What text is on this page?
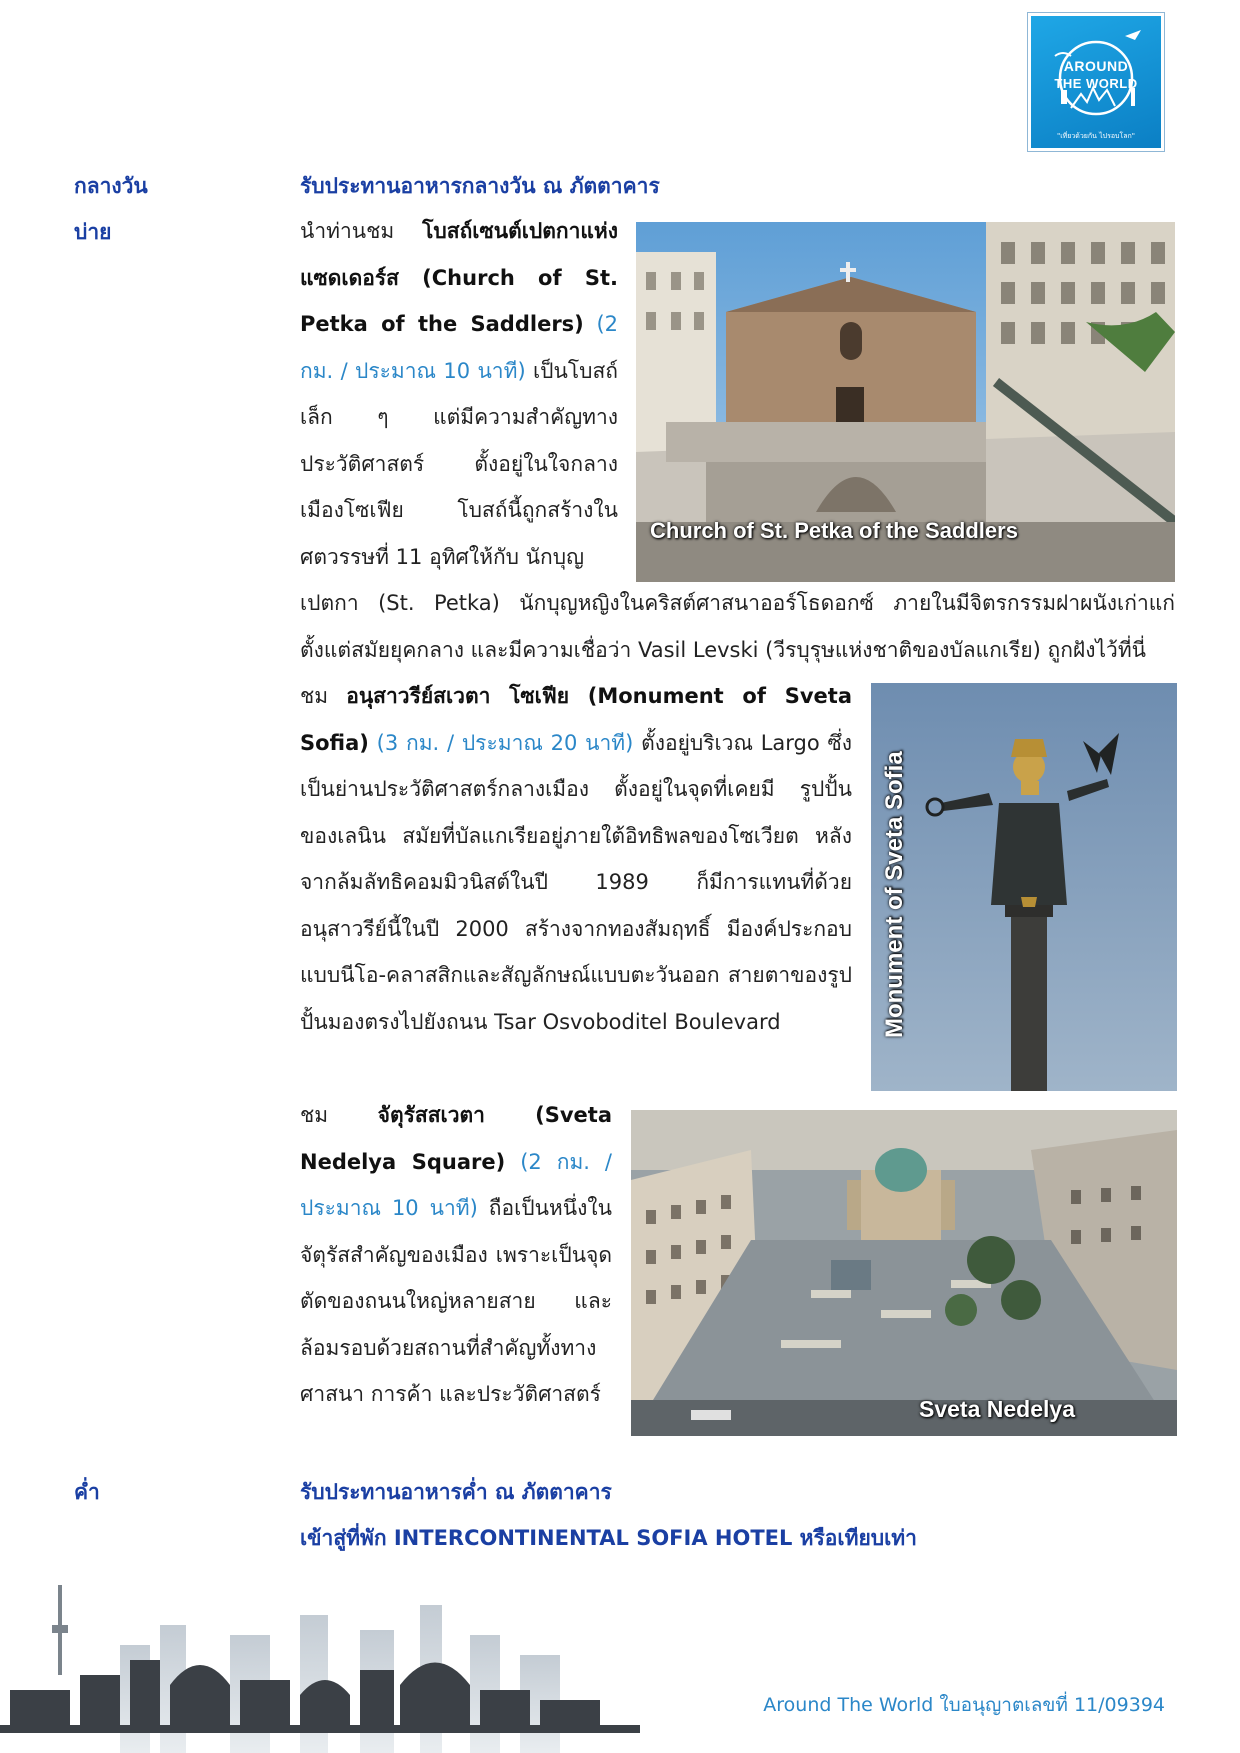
AROUND
THE WORLD
"เที่ยวด้วยกัน ไปรอบโลก"
กลางวัน	รับประทานอาหารกลางวัน ณ ภัตตาคาร
บ่าย	นำท่านชม โบสถ์เซนต์เปตกาแห่งแซดเดอร์ส (Church of St. Petka of the Saddlers) (2 กม. / ประมาณ 10 นาที) เป็นโบสถ์เล็ก ๆ แต่มีความสำคัญทางประวัติศาสตร์ ตั้งอยู่ในใจกลางเมืองโซเฟีย โบสถ์นี้ถูกสร้างในศตวรรษที่ 11 อุทิศให้กับ นักบุญ
เปตกา (St. Petka) นักบุญหญิงในคริสต์ศาสนาออร์โธดอกซ์ ภายในมีจิตรกรรมฝาผนังเก่าแก่ตั้งแต่สมัยยุคกลาง และมีความเชื่อว่า Vasil Levski (วีรบุรุษแห่งชาติของบัลแกเรีย) ถูกฝังไว้ที่นี่
Church of St. Petka of the Saddlers
ชม อนุสาวรีย์สเวตา โซเฟีย (Monument of Sveta Sofia) (3 กม. / ประมาณ 20 นาที) ตั้งอยู่บริเวณ Largo ซึ่งเป็นย่านประวัติศาสตร์กลางเมือง ตั้งอยู่ในจุดที่เคยมี รูปปั้นของเลนิน สมัยที่บัลแกเรียอยู่ภายใต้อิทธิพลของโซเวียต หลังจากล้มลัทธิคอมมิวนิสต์ในปี 1989 ก็มีการแทนที่ด้วยอนุสาวรีย์นี้ในปี 2000 สร้างจากทองสัมฤทธิ์ มีองค์ประกอบแบบนีโอ-คลาสสิกและสัญลักษณ์แบบตะวันออก สายตาของรูปปั้นมองตรงไปยังถนน Tsar Osvoboditel Boulevard	Monument of Sveta Sofia
ชม จัตุรัสสเวตา (Sveta Nedelya Square) (2 กม. / ประมาณ 10 นาที) ถือเป็นหนึ่งในจัตุรัสสำคัญของเมือง เพราะเป็นจุดตัดของถนนใหญ่หลายสาย และล้อมรอบด้วยสถานที่สำคัญทั้งทางศาสนา การค้า และประวัติศาสตร์
Sveta Nedelya
ค่ำ	รับประทานอาหารค่ำ ณ ภัตตาคาร
เข้าสู่ที่พัก INTERCONTINENTAL SOFIA HOTEL หรือเทียบเท่า
Around The World ใบอนุญาตเลขที่ 11/09394
